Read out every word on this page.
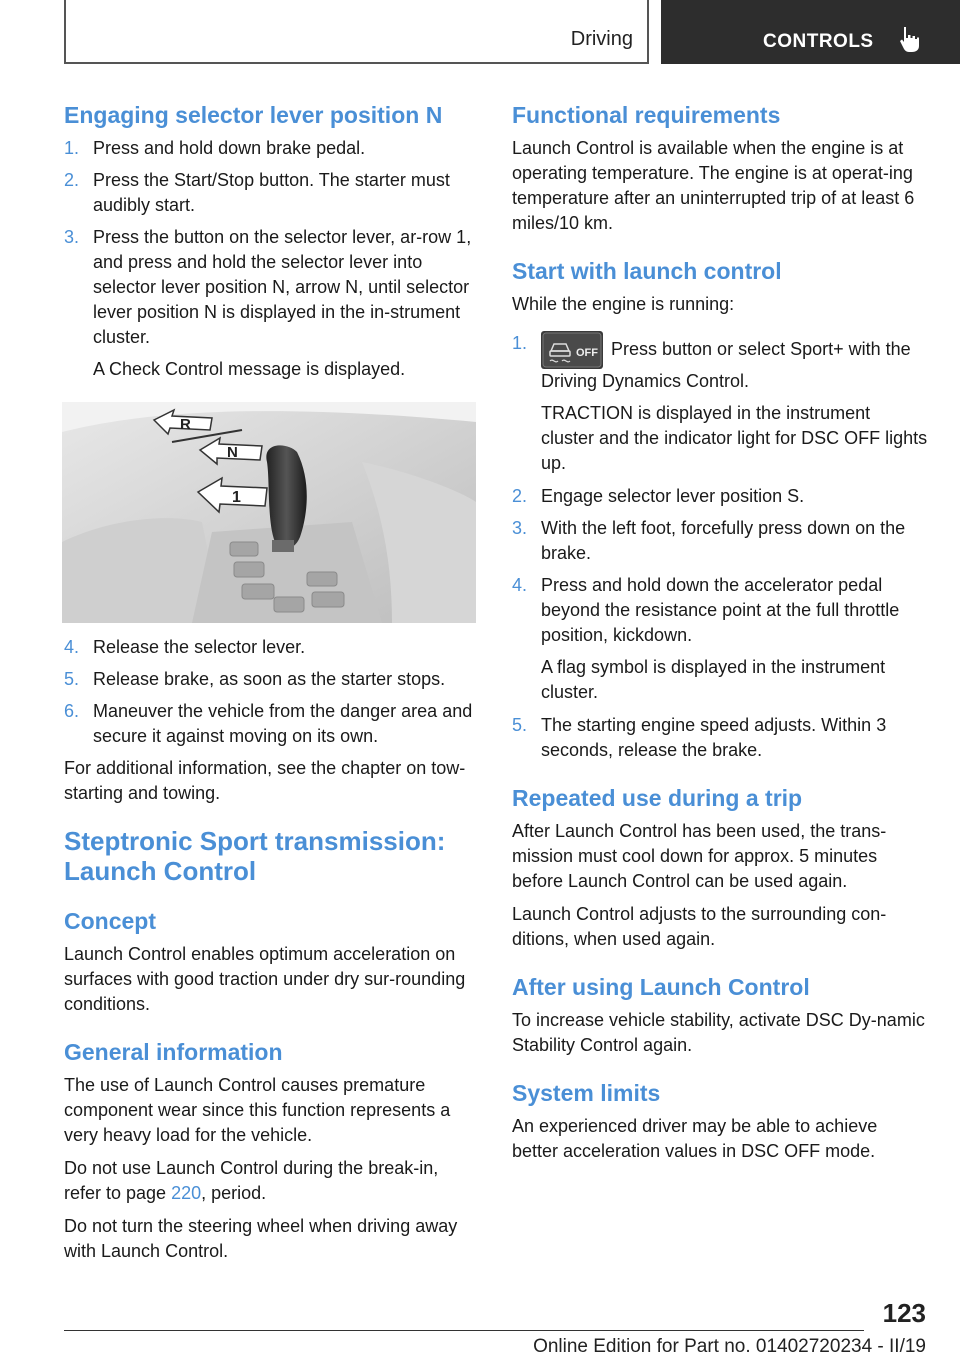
Driving	CONTROLS
Engaging selector lever position N
1. Press and hold down brake pedal.
2. Press the Start/Stop button. The starter must audibly start.
3. Press the button on the selector lever, ar‐row 1, and press and hold the selector lever into selector lever position N, arrow N, until selector lever position N is displayed in the in‐strument cluster.

A Check Control message is displayed.

R
N
1
4. Release the selector lever.
5. Release brake, as soon as the starter stops.
6. Maneuver the vehicle from the danger area and secure it against moving on its own.

For additional information, see the chapter on tow-starting and towing.

Steptronic Sport transmission: Launch Control
Concept

Launch Control enables optimum acceleration on surfaces with good traction under dry sur‐rounding conditions.

General information

The use of Launch Control causes premature component wear since this function represents a very heavy load for the vehicle.

Do not use Launch Control during the break-in, refer to page 220, period.

Do not turn the steering wheel when driving away with Launch Control.

Functional requirements

Launch Control is available when the engine is at operating temperature. The engine is at operat‐ing temperature after an uninterrupted trip of at least 6 miles/10 km.

Start with launch control

While the engine is running:

1.	OFF Press button or select Sport+ with the Driving Dynamics Control.

TRACTION is displayed in the instrument cluster and the indicator light for DSC OFF lights up.

2. Engage selector lever position S.
3. With the left foot, forcefully press down on the brake.
4. Press and hold down the accelerator pedal beyond the resistance point at the full throttle position, kickdown.

A flag symbol is displayed in the instrument cluster.

5. The starting engine speed adjusts. Within 3 seconds, release the brake.
Repeated use during a trip

After Launch Control has been used, the trans‐mission must cool down for approx. 5 minutes before Launch Control can be used again.

Launch Control adjusts to the surrounding con‐ditions, when used again.

After using Launch Control

To increase vehicle stability, activate DSC Dy‐namic Stability Control again.

System limits

An experienced driver may be able to achieve better acceleration values in DSC OFF mode.

123
Online Edition for Part no. 01402720234 - II/19
